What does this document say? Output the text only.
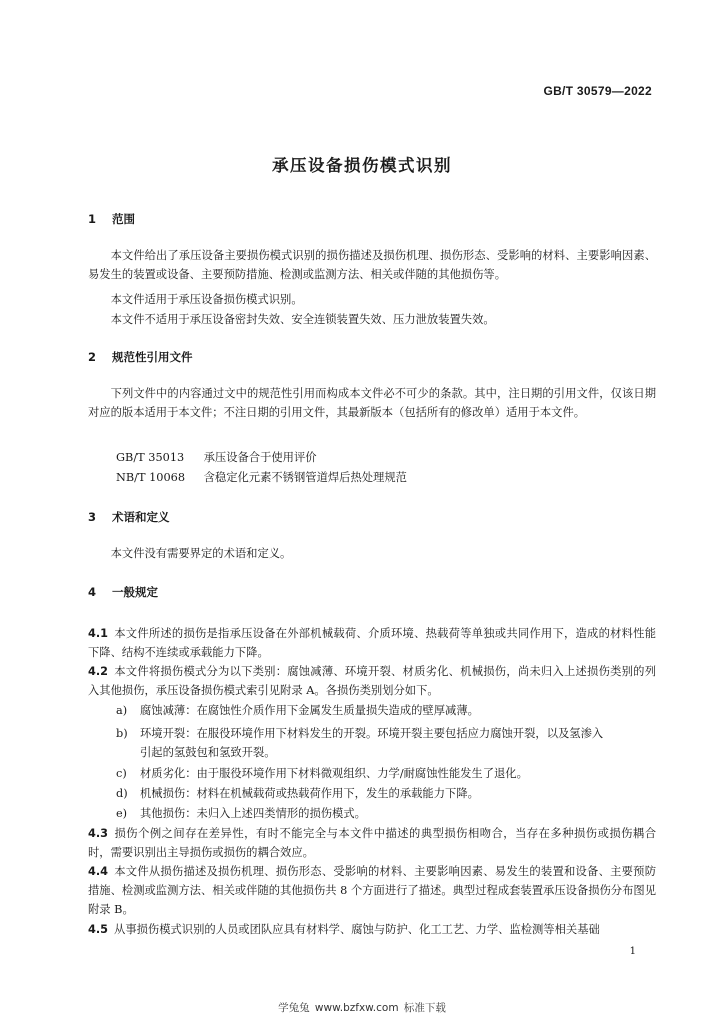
GB/T 30579—2022
承压设备损伤模式识别
1 范围
本文件给出了承压设备主要损伤模式识别的损伤描述及损伤机理、损伤形态、受影响的材料、主要影响因素、易发生的装置或设备、主要预防措施、检测或监测方法、相关或伴随的其他损伤等。
本文件适用于承压设备损伤模式识别。
本文件不适用于承压设备密封失效、安全连锁装置失效、压力泄放装置失效。
2 规范性引用文件
下列文件中的内容通过文中的规范性引用而构成本文件必不可少的条款。其中，注日期的引用文件，仅该日期对应的版本适用于本文件；不注日期的引用文件，其最新版本（包括所有的修改单）适用于本文件。
GB/T 35013 承压设备合于使用评价
NB/T 10068 含稳定化元素不锈钢管道焊后热处理规范
3 术语和定义
本文件没有需要界定的术语和定义。
4 一般规定
4.1 本文件所述的损伤是指承压设备在外部机械载荷、介质环境、热载荷等单独或共同作用下，造成的材料性能下降、结构不连续或承载能力下降。
4.2 本文件将损伤模式分为以下类别：腐蚀减薄、环境开裂、材质劣化、机械损伤，尚未归入上述损伤类别的列入其他损伤，承压设备损伤模式索引见附录 A。各损伤类别划分如下。
a) 腐蚀减薄：在腐蚀性介质作用下金属发生质量损失造成的壁厚减薄。
b) 环境开裂：在服役环境作用下材料发生的开裂。环境开裂主要包括应力腐蚀开裂，以及氢渗入
引起的氢鼓包和氢致开裂。
c) 材质劣化：由于服役环境作用下材料微观组织、力学/耐腐蚀性能发生了退化。
d) 机械损伤：材料在机械载荷或热载荷作用下，发生的承载能力下降。
e) 其他损伤：未归入上述四类情形的损伤模式。
4.3 损伤个例之间存在差异性，有时不能完全与本文件中描述的典型损伤相吻合，当存在多种损伤或损伤耦合时，需要识别出主导损伤或损伤的耦合效应。
4.4 本文件从损伤描述及损伤机理、损伤形态、受影响的材料、主要影响因素、易发生的装置和设备、主要预防措施、检测或监测方法、相关或伴随的其他损伤共 8 个方面进行了描述。典型过程成套装置承压设备损伤分布图见附录 B。
4.5 从事损伤模式识别的人员或团队应具有材料学、腐蚀与防护、化工工艺、力学、监检测等相关基础
1
学兔兔 www.bzfxw.com 标准下载
